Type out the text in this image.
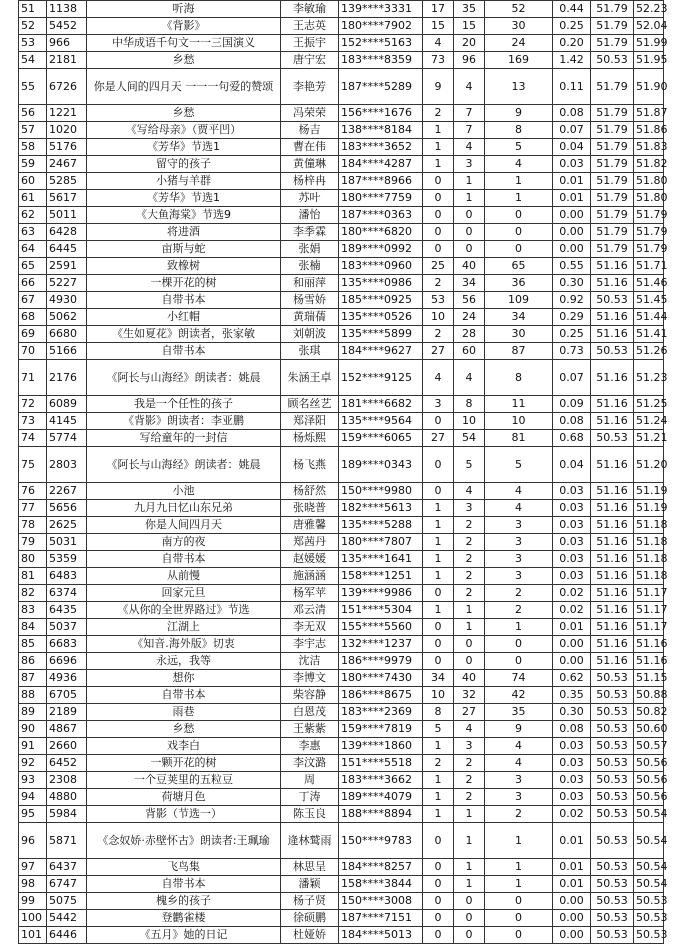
51	1138	听海	李敏瑜	139****3331	17	35	52	0.44	51.79	52.23
52	5452	《背影》	王志英	180****7902	15	15	30	0.25	51.79	52.04
53	966	中华成语千句文一一三国演义	王振宇	152****5163	4	20	24	0.20	51.79	51.99
54	2181	乡愁	唐宁宏	183****8359	73	96	169	1.42	50.53	51.95
55	6726	你是人间的四月天 一一一句爱的赞颂	李艳芳	187****5289	9	4	13	0.11	51.79	51.90
56	1221	乡愁	冯荣荣	156****1676	2	7	9	0.08	51.79	51.87
57	1020	《写给母亲》（贾平凹）	杨吉	138****8184	1	7	8	0.07	51.79	51.86
58	5176	《芳华》节选1	曹在伟	183****3652	1	4	5	0.04	51.79	51.83
59	2467	留守的孩子	黄僮琳	184****4287	1	3	4	0.03	51.79	51.82
60	5285	小猪与羊群	杨梓冉	187****8966	0	1	1	0.01	51.79	51.80
61	5617	《芳华》节选1	苏叶	180****7759	0	1	1	0.01	51.79	51.80
62	5011	《大鱼海棠》节选9	潘怡	187****0363	0	0	0	0.00	51.79	51.79
63	6428	将进酒	李季霖	180****6820	0	0	0	0.00	51.79	51.79
64	6445	亩斯与蛇	张娟	189****0992	0	0	0	0.00	51.79	51.79
65	2591	致橡树	张楠	183****0960	25	40	65	0.55	51.16	51.71
66	5227	一棵开花的树	和丽萍	135****0986	2	34	36	0.30	51.16	51.46
67	4930	自带书本	杨雪娇	185****0925	53	56	109	0.92	50.53	51.45
68	5062	小红帽	黄瑞蒨	135****0526	10	24	34	0.29	51.16	51.44
69	6680	《生如夏花》朗读者，张家敏	刘朝波	135****5899	2	28	30	0.25	51.16	51.41
70	5166	自带书本	张琪	184****9627	27	60	87	0.73	50.53	51.26
71	2176	《阿长与山海经》朗读者：姚晨	朱涵王卓	152****9125	4	4	8	0.07	51.16	51.23
72	6089	我是一个任性的孩子	顾名丝艺	181****6682	3	8	11	0.09	51.16	51.25
73	4145	《背影》朗读者：李亚鹏	郑泽阳	135****9564	0	10	10	0.08	51.16	51.24
74	5774	写给童年的一封信	杨烁熙	159****6065	27	54	81	0.68	50.53	51.21
75	2803	《阿长与山海经》朗读者：姚晨	杨飞燕	189****0343	0	5	5	0.04	51.16	51.20
76	2267	小池	杨舒然	150****9980	0	4	4	0.03	51.16	51.19
77	5656	九月九日忆山东兄弟	张晓普	182****5613	1	3	4	0.03	51.16	51.19
78	2625	你是人间四月天	唐雅馨	135****5288	1	2	3	0.03	51.16	51.18
79	5031	南方的夜	郑茜丹	180****7807	1	2	3	0.03	51.16	51.18
80	5359	自带书本	赵媛媛	135****1641	1	2	3	0.03	51.16	51.18
81	6483	从前慢	施涵涵	158****1251	1	2	3	0.03	51.16	51.18
82	6374	回家元旦	杨军苹	139****9986	0	2	2	0.02	51.16	51.17
83	6435	《从你的全世界路过》节选	邓云清	151****5304	1	1	2	0.02	51.16	51.17
84	5037	江湖上	李无双	155****5560	0	1	1	0.01	51.16	51.17
85	6683	《知音.海外版》切衷	李宇志	132****1237	0	0	0	0.00	51.16	51.16
86	6696	永远，我等	沈洁	186****9979	0	0	0	0.00	51.16	51.16
87	4936	想你	李博文	180****7430	34	40	74	0.62	50.53	51.15
88	6705	自带书本	柴容静	186****8675	10	32	42	0.35	50.53	50.88
89	2189	雨巷	白恩茂	183****2369	8	27	35	0.30	50.53	50.82
90	4867	乡愁	王紫紫	159****7819	5	4	9	0.08	50.53	50.60
91	2660	戏李白	李惠	139****1860	1	3	4	0.03	50.53	50.57
92	6452	一颗开花的树	李汶潞	151****5518	2	2	4	0.03	50.53	50.56
93	2308	一个豆荚里的五粒豆	周	183****3662	1	2	3	0.03	50.53	50.56
94	4880	荷塘月色	丁涛	189****4079	1	2	3	0.03	50.53	50.56
95	5984	背影（节选一）	陈玉良	188****8894	1	1	2	0.02	50.53	50.54
96	5871	《念奴娇·赤壁怀古》朗读者:王珮瑜	逄林鹫雨	150****9783	0	1	1	0.01	50.53	50.54
97	6437	飞鸟集	林思呈	184****8257	0	1	1	0.01	50.53	50.54
98	6747	自带书本	潘颖	158****3844	0	1	1	0.01	50.53	50.54
99	5075	槐乡的孩子	杨子贤	150****3008	0	0	0	0.00	50.53	50.53
100	5442	登鹳雀楼	徐硕鹏	187****7151	0	0	0	0.00	50.53	50.53
101	6446	《五月》她的日记	杜娅娇	184****5013	0	0	0	0.00	50.53	50.53
